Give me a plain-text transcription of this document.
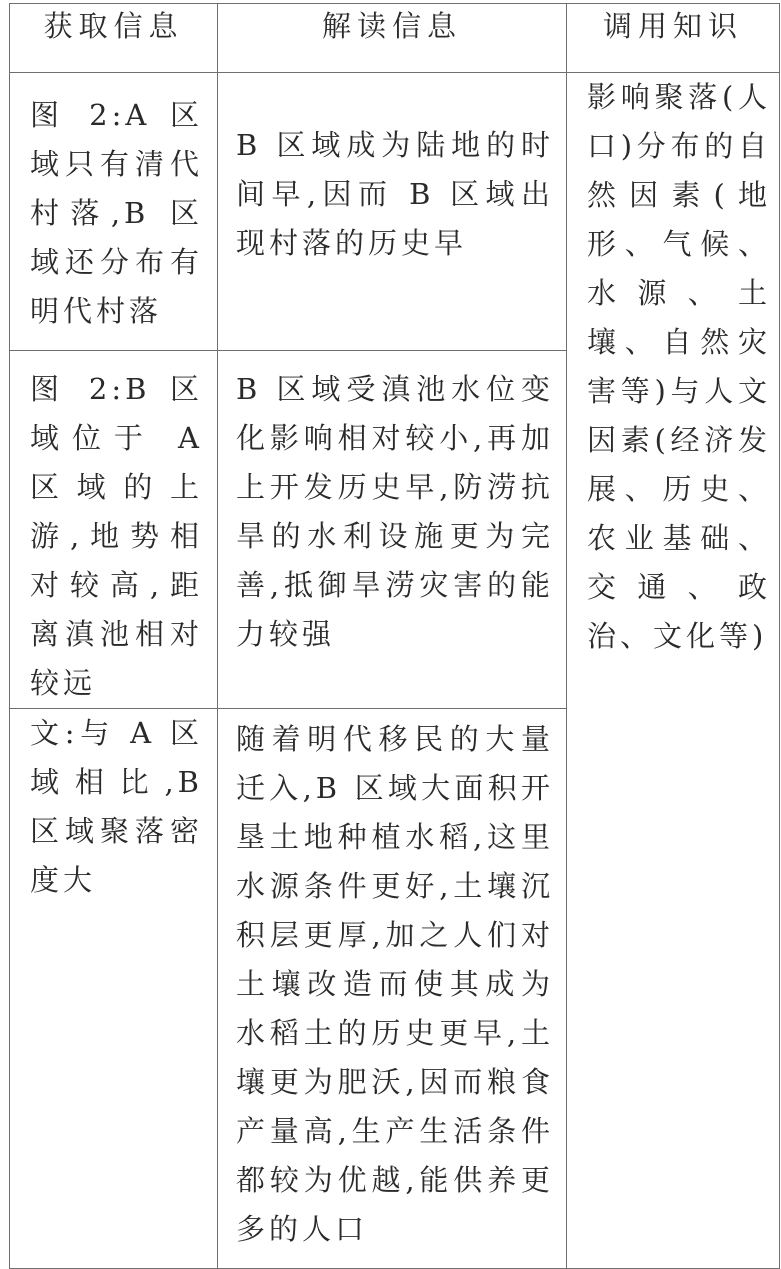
获取信息	解读信息	调用知识

图 2:A 区域只有清代村落,B 区域还分布有明代村落	B 区域成为陆地的时间早,因而 B 区域出现村落的历史早	影响聚落(人口)分布的自然因素(地形、气候、水源、土壤、自然灾害等)与人文因素(经济发展、历史、农业基础、交通、政治、文化等)

图 2:B 区域位于 A 区域的上游,地势相对较高,距离滇池相对较远	B 区域受滇池水位变化影响相对较小,再加上开发历史早,防涝抗旱的水利设施更为完善,抵御旱涝灾害的能力较强	

文:与 A 区域相比,B 区域聚落密度大	随着明代移民的大量迁入,B 区域大面积开垦土地种植水稻,这里水源条件更好,土壤沉积层更厚,加之人们对土壤改造而使其成为水稻土的历史更早,土壤更为肥沃,因而粮食产量高,生产生活条件都较为优越,能供养更多的人口	
